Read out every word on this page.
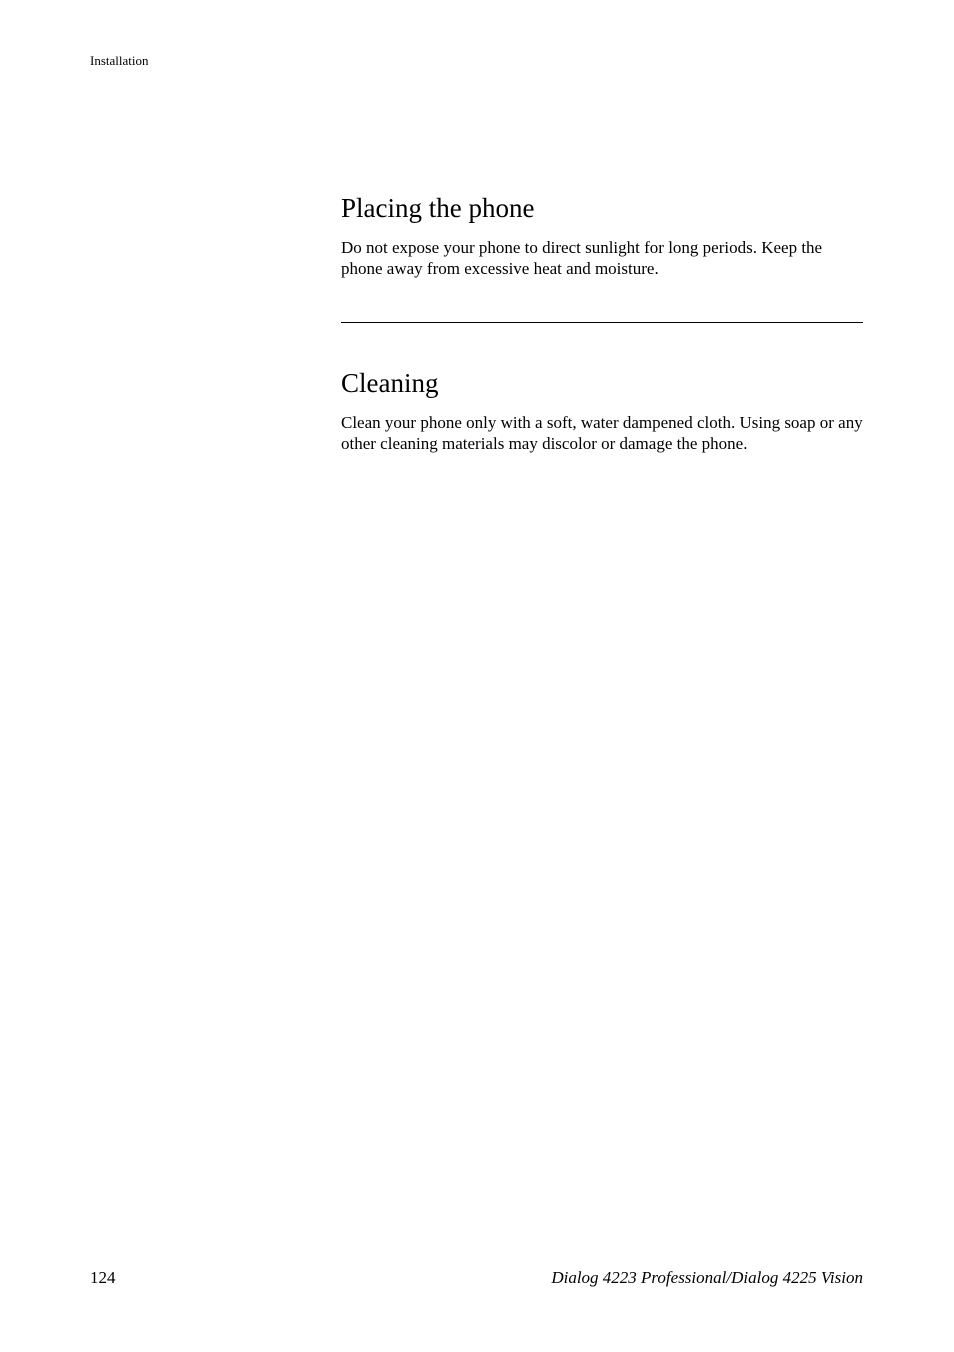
Installation
Placing the phone

Do not expose your phone to direct sunlight for long periods. Keep the phone away from excessive heat and moisture.

Cleaning

Clean your phone only with a soft, water dampened cloth. Using soap or any other cleaning materials may discolor or damage the phone.

124	Dialog 4223 Professional/Dialog 4225 Vision
